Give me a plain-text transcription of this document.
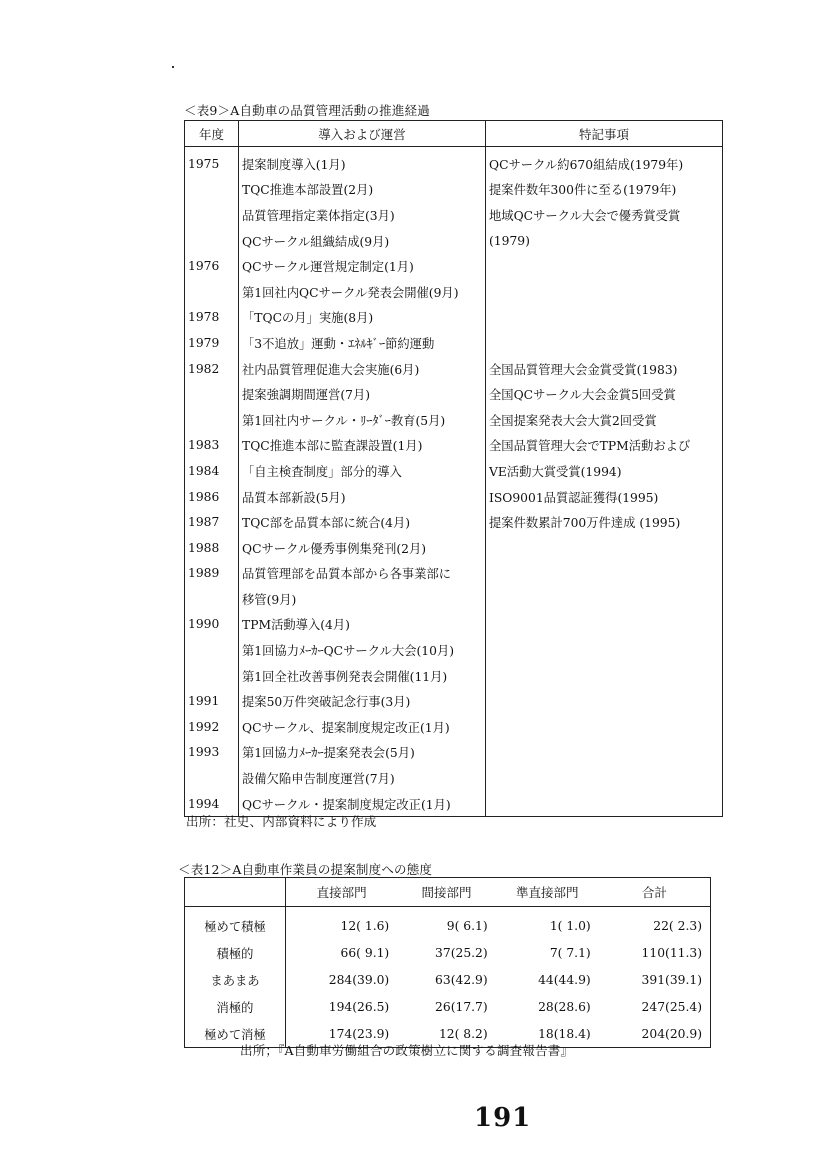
＜表9＞A自動車の品質管理活動の推進経過
年度	導入および運営	特記事項
1975	提案制度導入(1月)	QCサークル約670組結成(1979年)
	TQC推進本部設置(2月)	提案件数年300件に至る(1979年)
	品質管理指定業体指定(3月)	地域QCサークル大会で優秀賞受賞
	QCサークル組織結成(9月)	(1979)
1976	QCサークル運営規定制定(1月)	
	第1回社内QCサークル発表会開催(9月)	
1978	「TQCの月」実施(8月)	
1979	「3不追放」運動・ｴﾈﾙｷﾞｰ節約運動	
1982	社内品質管理促進大会実施(6月)	全国品質管理大会金賞受賞(1983)
	提案強調期間運営(7月)	全国QCサークル大会金賞5回受賞
	第1回社内サークル・ﾘｰﾀﾞｰ教育(5月)	全国提案発表大会大賞2回受賞
1983	TQC推進本部に監査課設置(1月)	全国品質管理大会でTPM活動および
1984	「自主検査制度」部分的導入	VE活動大賞受賞(1994)
1986	品質本部新設(5月)	ISO9001品質認証獲得(1995)
1987	TQC部を品質本部に統合(4月)	提案件数累計700万件達成 (1995)
1988	QCサークル優秀事例集発刊(2月)	
1989	品質管理部を品質本部から各事業部に	
	移管(9月)	
1990	TPM活動導入(4月)	
	第1回協力ﾒｰｶｰQCサークル大会(10月)	
	第1回全社改善事例発表会開催(11月)	
1991	提案50万件突破記念行事(3月)	
1992	QCサークル、提案制度規定改正(1月)	
1993	第1回協力ﾒｰｶｰ提案発表会(5月)	
	設備欠陥申告制度運営(7月)	
1994	QCサークル・提案制度規定改正(1月)	
出所：社史、内部資料により作成
＜表12＞A自動車作業員の提案制度への態度
	直接部門	間接部門	準直接部門	合計
極めて積極	12( 1.6)	9( 6.1)	1( 1.0)	22( 2.3)
積極的	66( 9.1)	37(25.2)	7( 7.1)	110(11.3)
まあまあ	284(39.0)	63(42.9)	44(44.9)	391(39.1)
消極的	194(26.5)	26(17.7)	28(28.6)	247(25.4)
極めて消極	174(23.9)	12( 8.2)	18(18.4)	204(20.9)
出所；『A自動車労働組合の政策樹立に関する調査報告書』
191
